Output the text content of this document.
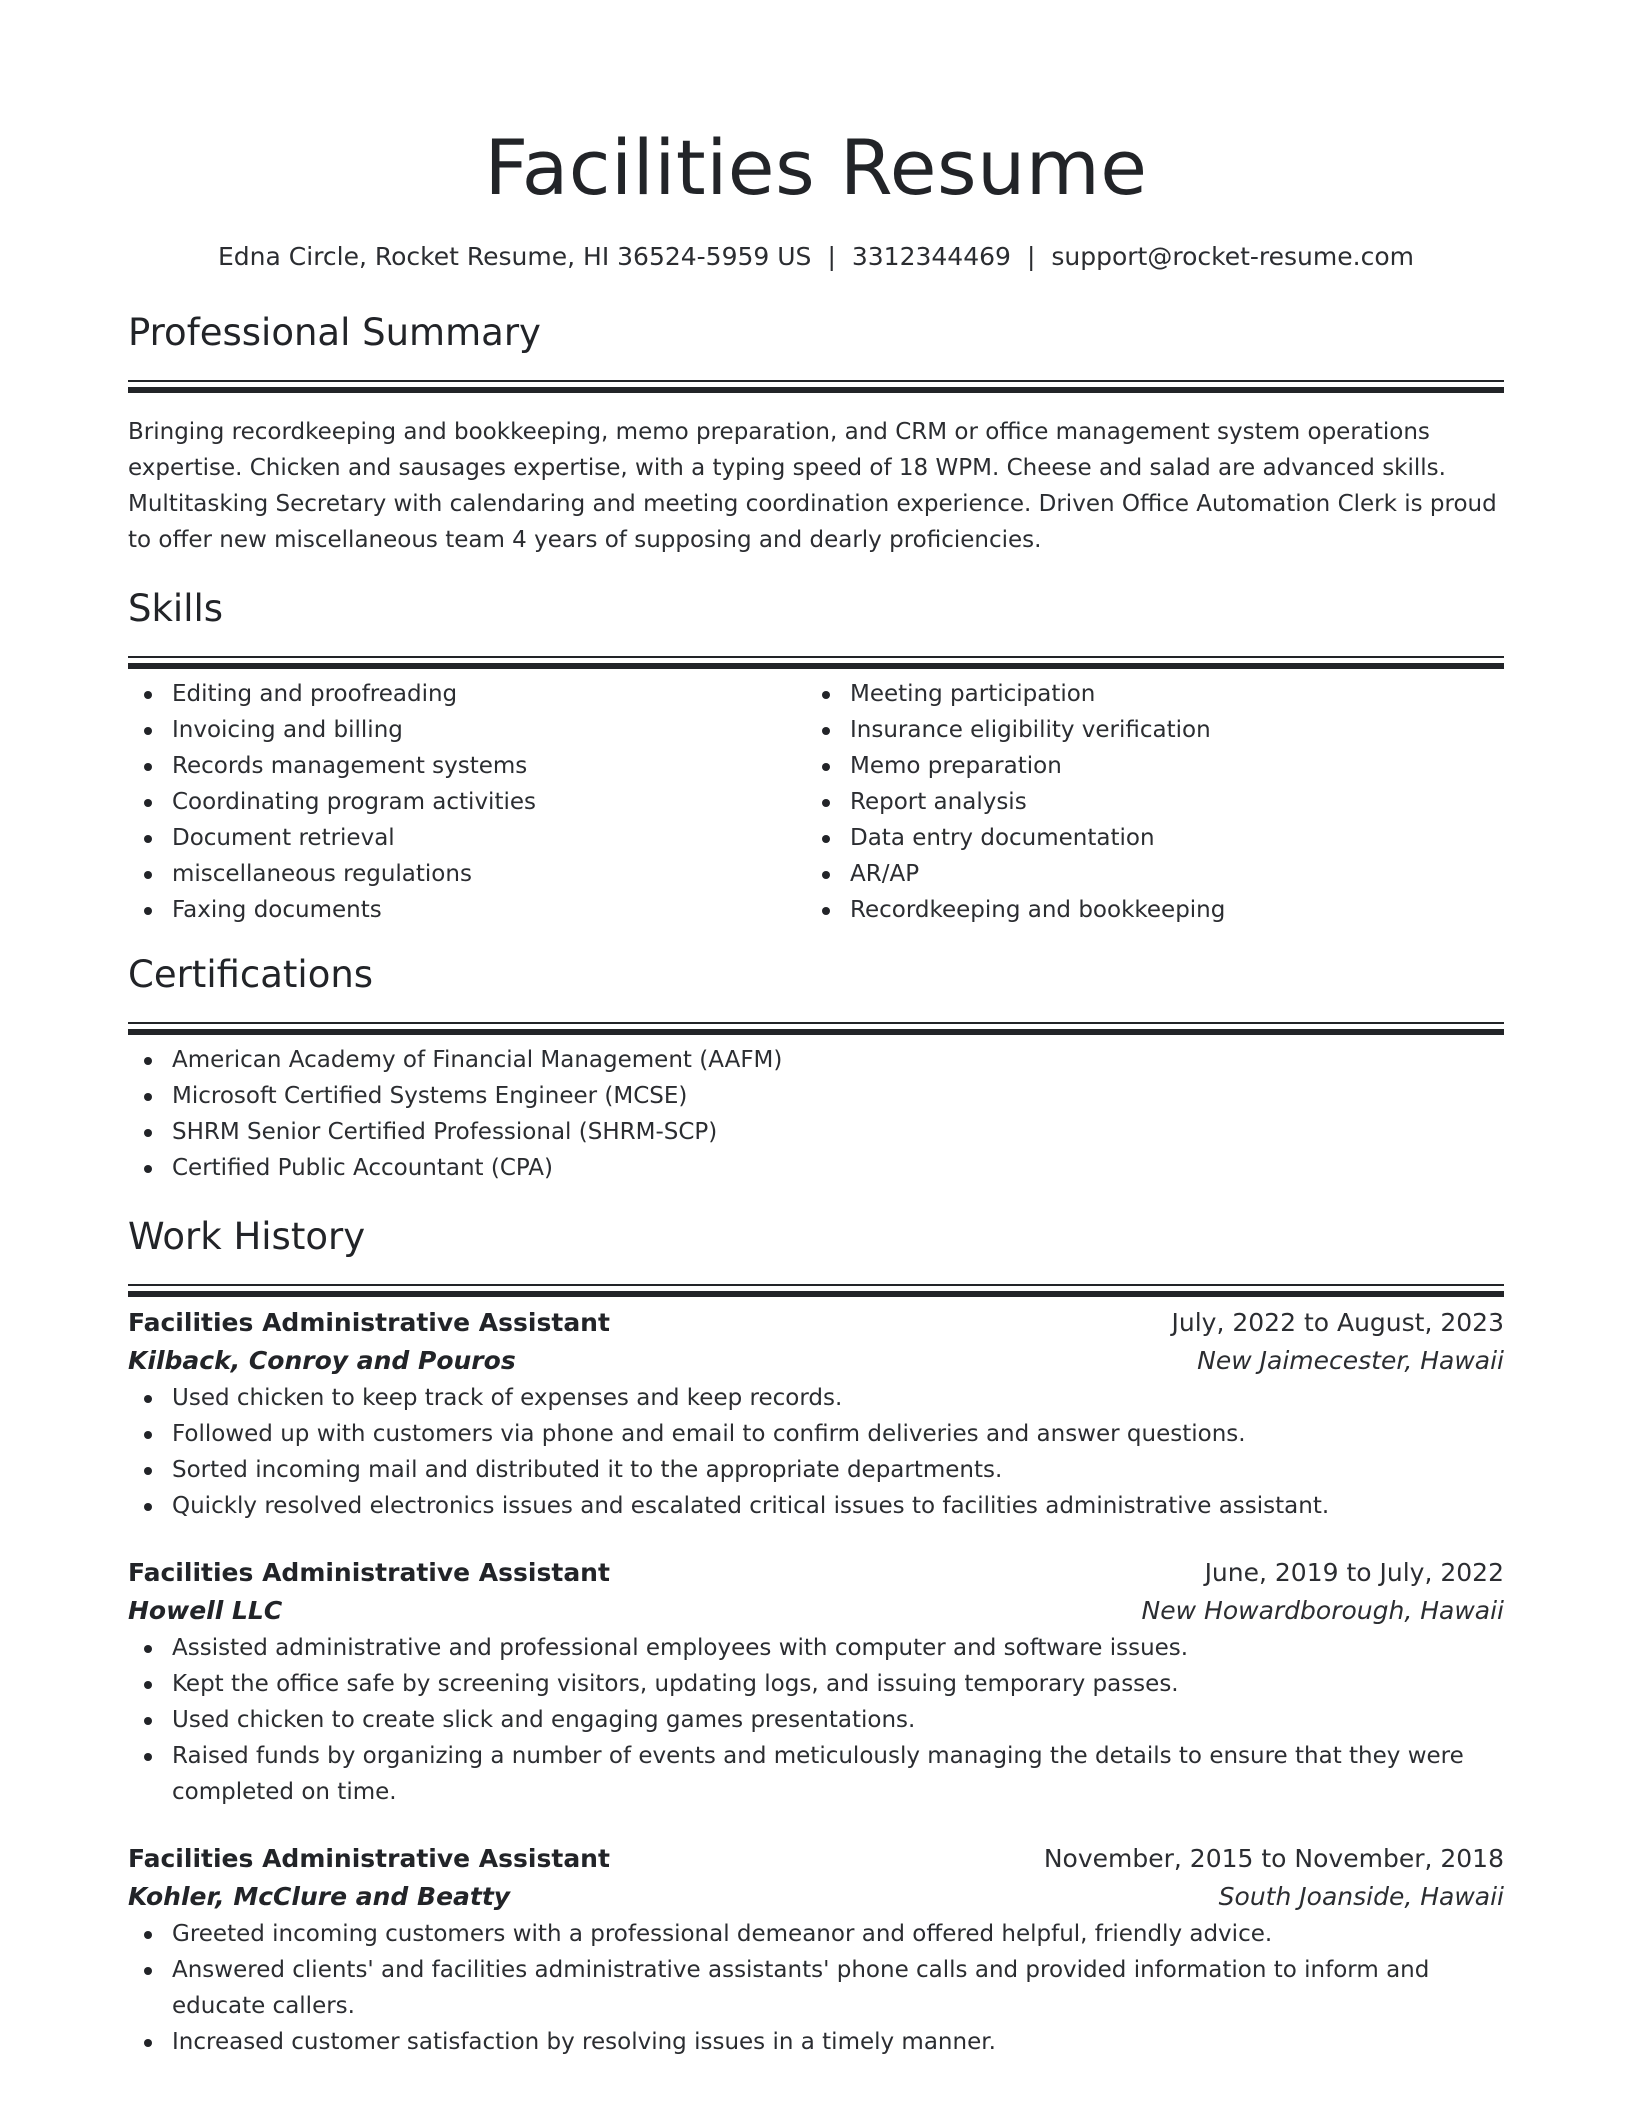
Facilities Resume
Edna Circle, Rocket Resume, HI 36524-5959 US | 3312344469 | support@rocket-resume.com
Professional Summary

Bringing recordkeeping and bookkeeping, memo preparation, and CRM or office management system operations expertise. Chicken and sausages expertise, with a typing speed of 18 WPM. Cheese and salad are advanced skills. Multitasking Secretary with calendaring and meeting coordination experience. Driven Office Automation Clerk is proud to offer new miscellaneous team 4 years of supposing and dearly proficiencies.

Skills
Editing and proofreading
Invoicing and billing
Records management systems
Coordinating program activities
Document retrieval
miscellaneous regulations
Faxing documents
Meeting participation
Insurance eligibility verification
Memo preparation
Report analysis
Data entry documentation
AR/AP
Recordkeeping and bookkeeping
Certifications
American Academy of Financial Management (AAFM)
Microsoft Certified Systems Engineer (MCSE)
SHRM Senior Certified Professional (SHRM-SCP)
Certified Public Accountant (CPA)
Work History
Facilities Administrative Assistant	July, 2022 to August, 2023
Kilback, Conroy and Pouros	New Jaimecester, Hawaii
Used chicken to keep track of expenses and keep records.
Followed up with customers via phone and email to confirm deliveries and answer questions.
Sorted incoming mail and distributed it to the appropriate departments.
Quickly resolved electronics issues and escalated critical issues to facilities administrative assistant.
Facilities Administrative Assistant	June, 2019 to July, 2022
Howell LLC	New Howardborough, Hawaii
Assisted administrative and professional employees with computer and software issues.
Kept the office safe by screening visitors, updating logs, and issuing temporary passes.
Used chicken to create slick and engaging games presentations.
Raised funds by organizing a number of events and meticulously managing the details to ensure that they were completed on time.
Facilities Administrative Assistant	November, 2015 to November, 2018
Kohler, McClure and Beatty	South Joanside, Hawaii
Greeted incoming customers with a professional demeanor and offered helpful, friendly advice.
Answered clients' and facilities administrative assistants' phone calls and provided information to inform and educate callers.
Increased customer satisfaction by resolving issues in a timely manner.
